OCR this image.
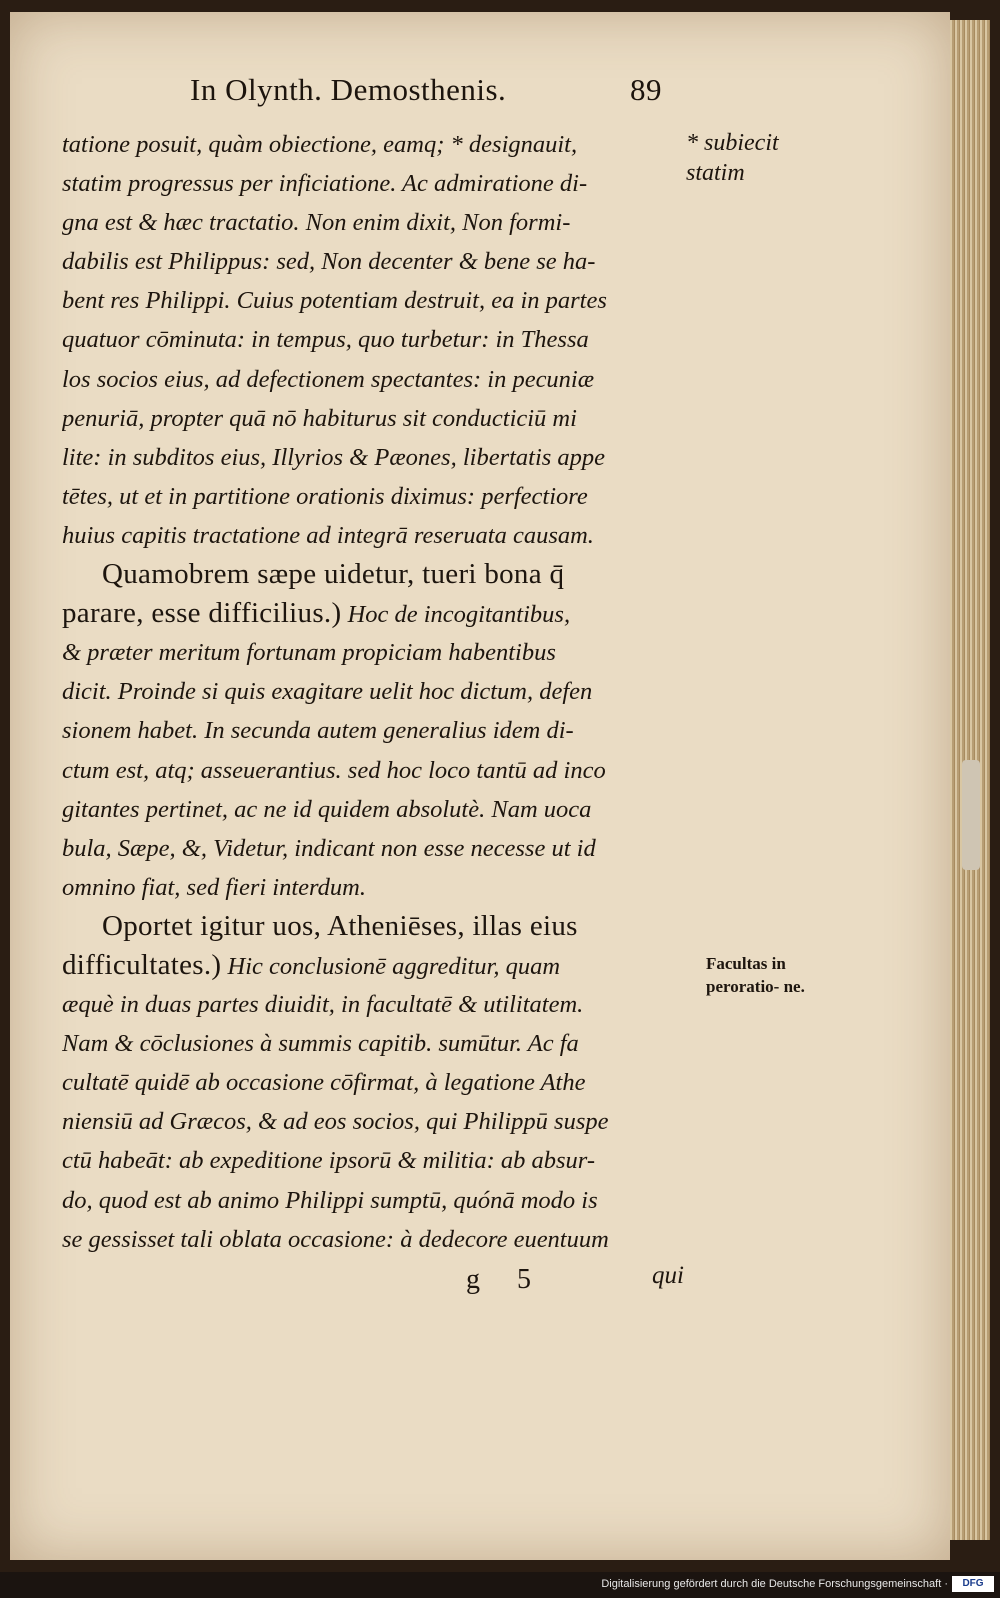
In Olynth. Demosthenis.	89
tatione posuit, quàm obiectione, eamq; * designauit,
statim progressus per inficiatione. Ac admiratione di-
gna est & hæc tractatio. Non enim dixit, Non formi-
dabilis est Philippus: sed, Non decenter & bene se ha-
bent res Philippi. Cuius potentiam destruit, ea in partes
quatuor cōminuta: in tempus, quo turbetur: in Thessa
los socios eius, ad defectionem spectantes: in pecuniæ
penuriā, propter quā nō habiturus sit conducticiū mi
lite: in subditos eius, Illyrios & Pæones, libertatis appe
tētes, ut et in partitione orationis diximus: perfectiore
huius capitis tractatione ad integrā reseruata causam.
Quamobrem sæpe uidetur, tueri bona q̄
parare, esse difficilius.) Hoc de incogitantibus,
& præter meritum fortunam propiciam habentibus
dicit. Proinde si quis exagitare uelit hoc dictum, defen
sionem habet. In secunda autem generalius idem di-
ctum est, atq; asseuerantius. sed hoc loco tantū ad inco
gitantes pertinet, ac ne id quidem absolutè. Nam uoca
bula, Sæpe, &, Videtur, indicant non esse necesse ut id
omnino fiat, sed fieri interdum.
Oportet igitur uos, Atheniēses, illas eius
difficultates.) Hic conclusionē aggreditur, quam
æquè in duas partes diuidit, in facultatē & utilitatem.
Nam & cōclusiones à summis capitib. sumūtur. Ac fa
cultatē quidē ab occasione cōfirmat, à legatione Athe
niensiū ad Græcos, & ad eos socios, qui Philippū suspe
ctū habeāt: ab expeditione ipsorū & militia: ab absur-
do, quod est ab animo Philippi sumptū, quónā modo is
se gessisset tali oblata occasione: à dedecore euentuum
* subiecit statim
Facultas in peroratio- ne.
g 5	qui
Digitalisierung gefördert durch die Deutsche Forschungsgemeinschaft ·	DFG
